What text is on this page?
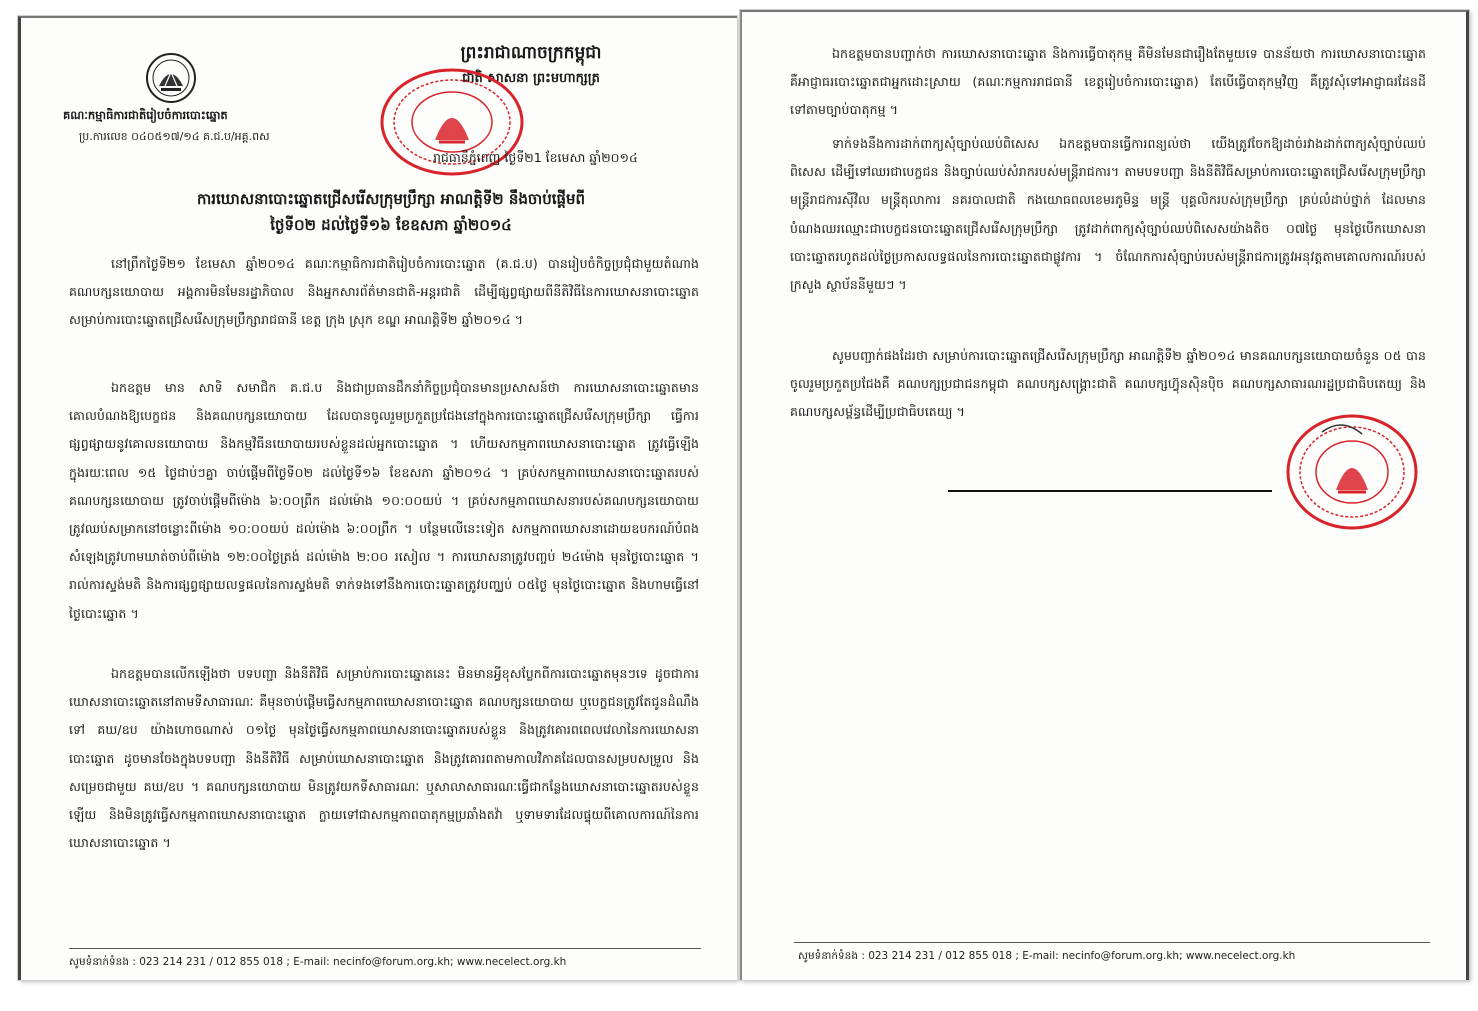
គណៈកម្មាធិការជាតិរៀបចំការបោះឆ្នោត
ប្រ.ការលេខ ០៤០៥១៧/១៤ គ.ជ.ប/អគ្គ.ពស
ព្រះរាជាណាចក្រកម្ពុជា
ជាតិ សាសនា ព្រះមហាក្សត្រ
រាជធានីភ្នំពេញ ថ្ងៃទី២1 ខែមេសា ឆ្នាំ២០១៤
ការឃោសនាបោះឆ្នោតជ្រើសរើសក្រុមប្រឹក្សា អាណត្តិទី២ នឹងចាប់ផ្តើមពី
ថ្ងៃទី០២ ដល់ថ្ងៃទី១៦ ខែឧសភា ឆ្នាំ២០១៤

នៅព្រឹកថ្ងៃទី២១ ខែមេសា ឆ្នាំ២០១៤ គណៈកម្មាធិការជាតិរៀបចំការបោះឆ្នោត (គ.ជ.ប) បានរៀបចំកិច្ចប្រជុំជាមួយតំណាងគណបក្សនយោបាយ អង្គការមិនមែនរដ្ឋាភិបាល និងអ្នកសារព័ត៌មានជាតិ-អន្តរជាតិ ដើម្បីផ្សព្វផ្សាយពីនីតិវិធីនៃការឃោសនាបោះឆ្នោត សម្រាប់ការបោះឆ្នោតជ្រើសរើសក្រុមប្រឹក្សារាជធានី ខេត្ត ក្រុង ស្រុក ខណ្ឌ អាណត្តិទី២ ឆ្នាំ២០១៤ ។

ឯកឧត្តម មាន សាទិ សមាជិក គ.ជ.ប និងជាប្រធានដឹកនាំកិច្ចប្រជុំបានមានប្រសាសន៍ថា ការឃោសនាបោះឆ្នោតមានគោលបំណងឱ្យបេក្ខជន និងគណបក្សនយោបាយ ដែលបានចូលរួមប្រកួតប្រជែងនៅក្នុងការបោះឆ្នោតជ្រើសរើសក្រុមប្រឹក្សា ធ្វើការផ្សព្វផ្សាយនូវគោលនយោបាយ និងកម្មវិធីនយោបាយរបស់ខ្លួនដល់អ្នកបោះឆ្នោត ។ ហើយសកម្មភាពឃោសនាបោះឆ្នោត ត្រូវធ្វើឡើងក្នុងរយៈពេល ១៥ ថ្ងៃជាប់ៗគ្នា ចាប់ផ្តើមពីថ្ងៃទី០២ ដល់ថ្ងៃទី១៦ ខែឧសភា ឆ្នាំ២០១៤ ។ គ្រប់សកម្មភាពឃោសនាបោះឆ្នោតរបស់គណបក្សនយោបាយ ត្រូវចាប់ផ្តើមពីម៉ោង ៦:០០ព្រឹក ដល់ម៉ោង ១០:០០យប់ ។ គ្រប់សកម្មភាពឃោសនារបស់គណបក្សនយោបាយ ត្រូវឈប់សម្រាកនៅចន្លោះពីម៉ោង ១០:០០យប់ ដល់ម៉ោង ៦:០០ព្រឹក ។ បន្ថែមលើនេះទៀត សកម្មភាពឃោសនាដោយឧបករណ៍បំពងសំឡេងត្រូវហាមឃាត់ចាប់ពីម៉ោង ១២:០០ថ្ងៃត្រង់ ដល់ម៉ោង ២:០០ រសៀល ។ ការឃោសនាត្រូវបញ្ចប់ ២៤ម៉ោង មុនថ្ងៃបោះឆ្នោត ។ រាល់ការស្ទង់មតិ និងការផ្សព្វផ្សាយលទ្ធផលនៃការស្ទង់មតិ ទាក់ទងទៅនឹងការបោះឆ្នោតត្រូវបញ្ឈប់ ០៥ថ្ងៃ មុនថ្ងៃបោះឆ្នោត និងហាមធ្វើនៅថ្ងៃបោះឆ្នោត ។

ឯកឧត្តមបានលើកឡើងថា បទបញ្ជា និងនីតិវិធី សម្រាប់ការបោះឆ្នោតនេះ មិនមានអ្វីខុសប្លែកពីការបោះឆ្នោតមុនៗទេ ដូចជាការឃោសនាបោះឆ្នោតនៅតាមទីសាធារណៈ គឺមុនចាប់ផ្តើមធ្វើសកម្មភាពឃោសនាបោះឆ្នោត គណបក្សនយោបាយ ឬបេក្ខជនត្រូវតែជូនដំណឹងទៅ គឃ/ឧប យ៉ាងហោចណាស់ ០១ថ្ងៃ មុនថ្ងៃធ្វើសកម្មភាពឃោសនាបោះឆ្នោតរបស់ខ្លួន និងត្រូវគោរពពេលវេលានៃការឃោសនាបោះឆ្នោត ដូចមានចែងក្នុងបទបញ្ជា និងនីតិវិធី សម្រាប់ឃោសនាបោះឆ្នោត និងត្រូវគោរពតាមកាលវិភាគដែលបានសម្របសម្រួល និងសម្រេចជាមួយ គឃ/ឧប ។ គណបក្សនយោបាយ មិនត្រូវយកទីសាធារណៈ ឬសាលាសាធារណៈធ្វើជាកន្លែងឃោសនាបោះឆ្នោតរបស់ខ្លួនឡើយ និងមិនត្រូវធ្វើសកម្មភាពឃោសនាបោះឆ្នោត ក្លាយទៅជាសកម្មភាពបាតុកម្មប្រឆាំងតវ៉ា ឬទាមទារដែលផ្ទុយពីគោលការណ៍នៃការឃោសនាបោះឆ្នោត ។

សូមទំនាក់ទំនង : 023 214 231 / 012 855 018 ; E-mail: necinfo@forum.org.kh; www.necelect.org.kh

ឯកឧត្តមបានបញ្ជាក់ថា ការឃោសនាបោះឆ្នោត និងការធ្វើបាតុកម្ម គឺមិនមែនជារឿងតែមួយទេ បានន័យថា ការឃោសនាបោះឆ្នោត គឺអាជ្ញាធរបោះឆ្នោតជាអ្នកដោះស្រាយ (គណៈកម្មការរាជធានី ខេត្តរៀបចំការបោះឆ្នោត) តែបើធ្វើបាតុកម្មវិញ គឺត្រូវសុំទៅអាជ្ញាធរដែនដីទៅតាមច្បាប់បាតុកម្ម ។

ទាក់ទងនឹងការដាក់ពាក្យសុំច្បាប់ឈប់ពិសេស ឯកឧត្តមបានធ្វើការពន្យល់ថា យើងត្រូវចែកឱ្យដាច់រវាងដាក់ពាក្យសុំច្បាប់ឈប់ពិសេស ដើម្បីទៅឈរជាបេក្ខជន និងច្បាប់ឈប់សំរាករបស់មន្ត្រីរាជការ។ តាមបទបញ្ជា និងនីតិវិធីសម្រាប់ការបោះឆ្នោតជ្រើសរើសក្រុមប្រឹក្សា មន្ត្រីរាជការស៊ីវិល មន្ត្រីតុលាការ នគរបាលជាតិ កងយោធពលខេមរភូមិន្ទ មន្ត្រី បុគ្គលិករបស់ក្រុមប្រឹក្សា គ្រប់លំដាប់ថ្នាក់ ដែលមានបំណងឈរឈ្មោះជាបេក្ខជនបោះឆ្នោតជ្រើសរើសក្រុមប្រឹក្សា ត្រូវដាក់ពាក្យសុំច្បាប់ឈប់ពិសេសយ៉ាងតិច ០៧ថ្ងៃ មុនថ្ងៃបើកឃោសនាបោះឆ្នោតរហូតដល់ថ្ងៃប្រកាសលទ្ធផលនៃការបោះឆ្នោតជាផ្លូវការ ។ ចំណែកការសុំច្បាប់របស់មន្ត្រីរាជការត្រូវអនុវត្តតាមគោលការណ៍របស់ក្រសួង ស្ថាប័ននីមួយៗ ។

សូមបញ្ជាក់ផងដែរថា សម្រាប់ការបោះឆ្នោតជ្រើសរើសក្រុមប្រឹក្សា អាណត្តិទី២ ឆ្នាំ២០១៤ មានគណបក្សនយោបាយចំនួន ០៥ បានចូលរួមប្រកួតប្រជែងគឺ គណបក្សប្រជាជនកម្ពុជា គណបក្សសង្គ្រោះជាតិ គណបក្សហ៊្វុនស៊ិនប៉ិច គណបក្សសាធារណរដ្ឋប្រជាធិបតេយ្យ និងគណបក្សសម្ព័ន្ធដើម្បីប្រជាធិបតេយ្យ ។

សូមទំនាក់ទំនង : 023 214 231 / 012 855 018 ; E-mail: necinfo@forum.org.kh; www.necelect.org.kh
